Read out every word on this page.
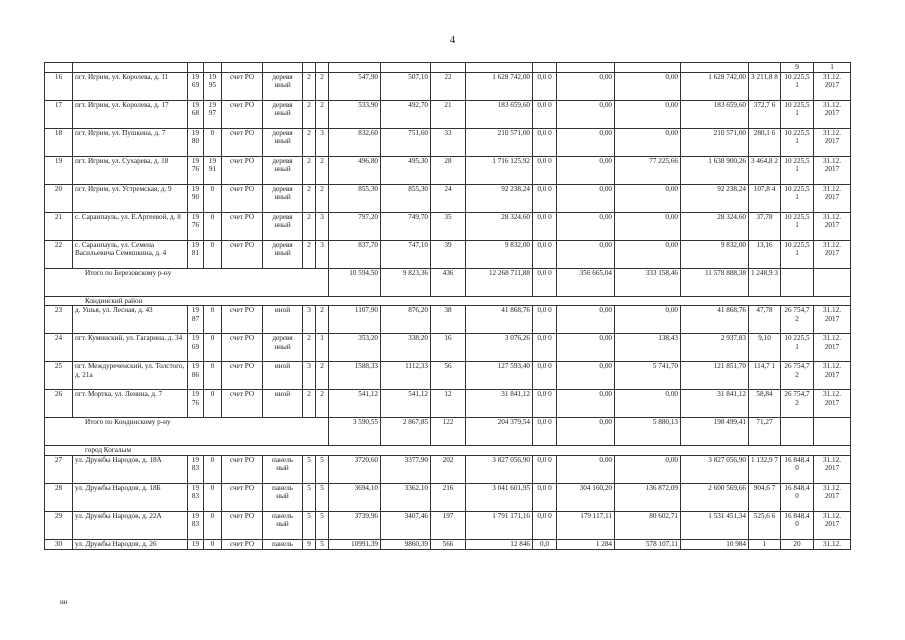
4
																	9	1
16	пгт. Игрим, ул. Королева, д. 11	19 69	19 95	счет РО	деревя нный	2	2	547,90	507,10	22	1 628 742,00	0,0 0	0,00	0,00	1 628 742,00	3 211,8 8	10 225,5 1	31.12. 2017
17	пгт. Игрим, ул. Королева, д. 17	19 68	19 97	счет РО	деревя нный	2	2	533,90	492,70	21	183 659,60	0,0 0	0,00	0,00	183 659,60	372,7 6	10 225,5 1	31.12. 2017
18	пгт. Игрим, ул. Пушкина, д. 7	19 80	0	счет РО	деревя нный	2	3	832,60	751,60	33	210 571,00	0,0 0	0,00	0,00	210 571,00	280,1 6	10 225,5 1	31.12. 2017
19	пгт. Игрим, ул. Сухарева, д. 18	19 76	19 91	счет РО	деревя нный	2	2	496,80	495,30	28	1 716 125,92	0,0 0	0,00	77 225,66	1 638 900,26	3 464,8 2	10 225,5 1	31.12. 2017
20	пгт. Игрим, ул. Устремская, д. 9	19 90	0	счет РО	деревя нный	2	2	855,30	855,30	24	92 238,24	0,0 0	0,00	0,00	92 238,24	107,8 4	10 225,5 1	31.12. 2017
21	с. Саранпауль, ул. Е.Артеевой, д. 8	19 76	0	счет РО	деревя нный	2	3	797,20	749,70	35	28 324,60	0,0 0	0,00	0,00	28 324,60	37,78	10 225,5 1	31.12. 2017
22	с. Саранпауль, ул. Семена Васильевича Семяшкина, д. 4	19 81	0	счет РО	деревя нный	2	3	837,70	747,10	39	9 832,00	0,0 0	0,00	0,00	9 832,00	13,16	10 225,5 1	31.12. 2017
Итого по Березовскому р-ну								10 594,50	9 823,36	436	12 268 711,88	0,0 0	356 665,04	333 158,46	11 578 888,38	1 248,9 3		
Кондинский район																		
23	д. Ушья, ул. Лесная, д. 43	19 87	0	счет РО	иной	3	2	1107,90	876,20	38	41 868,76	0,0 0	0,00	0,00	41 868,76	47,78	26 754,7 2	31.12. 2017
24	пгт. Куминский, ул. Гагарина, д. 34	19 69	0	счет РО	деревя нный	2	1	353,20	338,20	16	3 076,26	0,0 0	0,00	138,43	2 937,83	9,10	10 225,5 1	31.12. 2017
25	пгт. Междуреченский, ул. Толстого, д. 21а	19 86	0	счет РО	иной	3	2	1588,33	1112,33	56	127 593,40	0,0 0	0,00	5 741,70	121 851,70	114,7 1	26 754,7 2	31.12. 2017
26	пгт. Мортка, ул. Ленина, д. 7	19 76	0	счет РО	иной	2	2	541,12	541,12	12	31 841,12	0,0 0	0,00	0,00	31 841,12	58,84	26 754,7 2	31.12. 2017
Итого по Кондинскому р-ну								3 590,55	2 867,85	122	204 379,54	0,0 0	0,00	5 880,13	198 499,41	71,27		
город Когалым																		
27	ул. Дружбы Народов, д. 18А	19 83	0	счет РО	панель ный	5	5	3720,60	3377,90	202	3 827 056,90	0,0 0	0,00	0,00	3 827 056,90	1 132,9 7	16 848,4 0	31.12. 2017
28	ул. Дружбы Народов, д. 18Б	19 83	0	счет РО	панель ный	5	5	3694,10	3362,10	216	3 041 601,95	0,0 0	304 160,20	136 872,09	2 600 569,66	904,6 7	16 848,4 0	31.12. 2017
29	ул. Дружбы Народов, д. 22А	19 83	0	счет РО	панель ный	5	5	3739,96	3407,46	197	1 791 171,16	0,0 0	179 117,11	80 602,71	1 531 451,34	525,6 6	16 848,4 0	31.12. 2017
30	ул. Дружбы Народов, д. 26	19	0	счет РО	панель	9	5	10991,39	9860,39	566	12 846	0,0	1 284	578 107,11	10 984	1	20	31.12.
нн
